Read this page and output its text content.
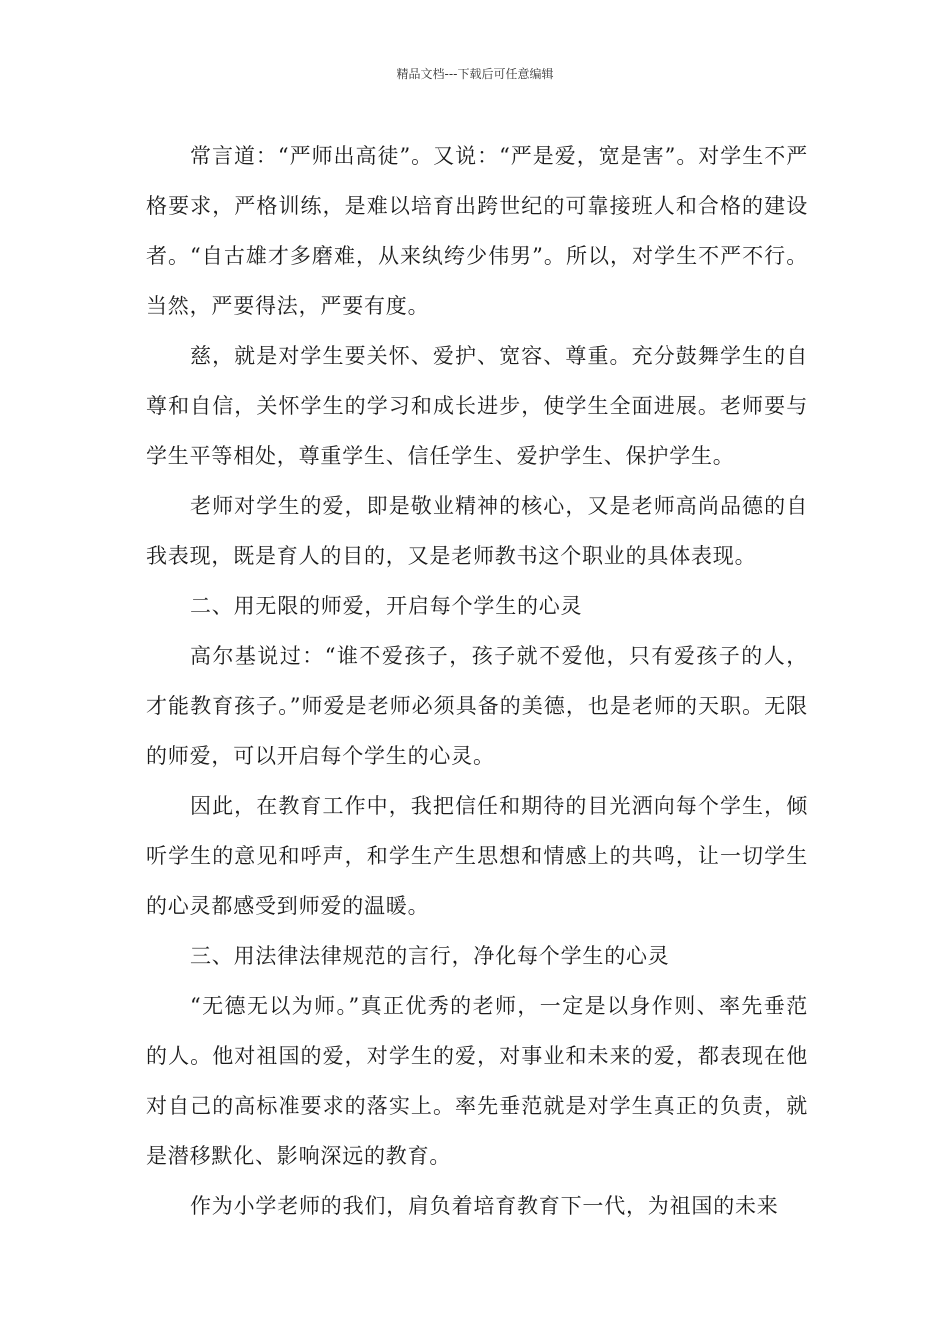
精品文档---下载后可任意编辑

常言道：“严师出高徒”。又说：“严是爱，宽是害”。对学生不严格要求，严格训练，是难以培育出跨世纪的可靠接班人和合格的建设者。“自古雄才多磨难，从来纨绔少伟男”。所以，对学生不严不行。当然，严要得法，严要有度。

慈，就是对学生要关怀、爱护、宽容、尊重。充分鼓舞学生的自尊和自信，关怀学生的学习和成长进步，使学生全面进展。老师要与学生平等相处，尊重学生、信任学生、爱护学生、保护学生。

老师对学生的爱，即是敬业精神的核心，又是老师高尚品德的自我表现，既是育人的目的，又是老师教书这个职业的具体表现。

二、用无限的师爱，开启每个学生的心灵

高尔基说过：“谁不爱孩子，孩子就不爱他，只有爱孩子的人，才能教育孩子。”师爱是老师必须具备的美德，也是老师的天职。无限的师爱，可以开启每个学生的心灵。

因此，在教育工作中，我把信任和期待的目光洒向每个学生，倾听学生的意见和呼声，和学生产生思想和情感上的共鸣，让一切学生的心灵都感受到师爱的温暖。

三、用法律法律规范的言行，净化每个学生的心灵

“无德无以为师。”真正优秀的老师，一定是以身作则、率先垂范的人。他对祖国的爱，对学生的爱，对事业和未来的爱，都表现在他对自己的高标准要求的落实上。率先垂范就是对学生真正的负责，就是潜移默化、影响深远的教育。

作为小学老师的我们，肩负着培育教育下一代，为祖国的未来
